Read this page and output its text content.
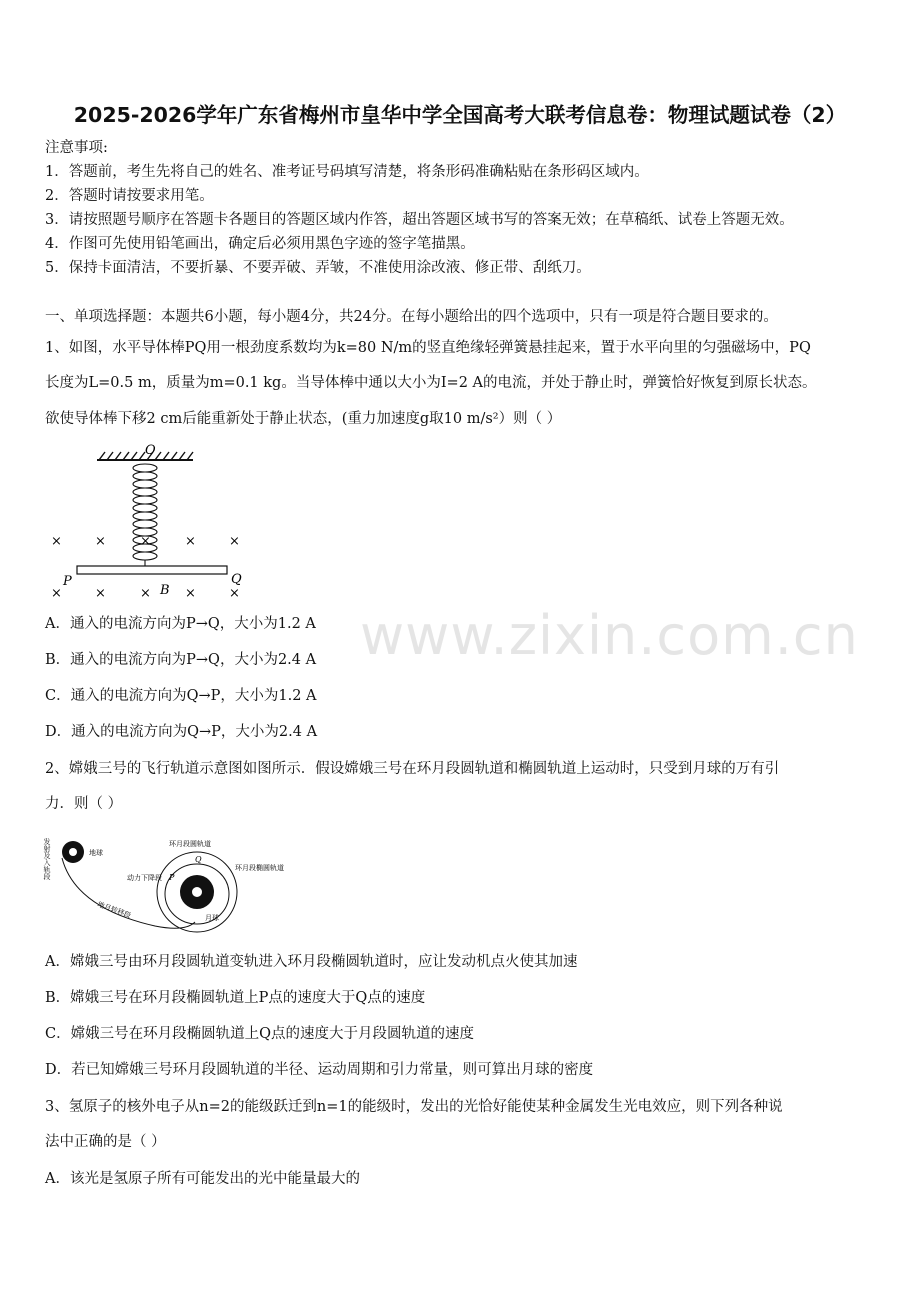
2025-2026学年广东省梅州市皇华中学全国高考大联考信息卷：物理试题试卷（2）
注意事项:
1．答题前，考生先将自己的姓名、准考证号码填写清楚，将条形码准确粘贴在条形码区域内。
2．答题时请按要求用笔。
3．请按照题号顺序在答题卡各题目的答题区域内作答，超出答题区域书写的答案无效；在草稿纸、试卷上答题无效。
4．作图可先使用铅笔画出，确定后必须用黑色字迹的签字笔描黑。
5．保持卡面清洁，不要折暴、不要弄破、弄皱，不准使用涂改液、修正带、刮纸刀。
一、单项选择题：本题共6小题，每小题4分，共24分。在每小题给出的四个选项中，只有一项是符合题目要求的。
1、如图，水平导体棒PQ用一根劲度系数均为k=80 N/m的竖直绝缘轻弹簧悬挂起来，置于水平向里的匀强磁场中，PQ
长度为L=0.5 m，质量为m=0.1 kg。当导体棒中通以大小为I=2 A的电流，并处于静止时，弹簧恰好恢复到原长状态。
欲使导体棒下移2 cm后能重新处于静止状态，(重力加速度g取10 m/s²）则（ ）
O
×	×	×	×	×
×	×	×	×	×
P	Q
B
A．通入的电流方向为P→Q，大小为1.2 A
B．通入的电流方向为P→Q，大小为2.4 A
C．通入的电流方向为Q→P，大小为1.2 A
D．通入的电流方向为Q→P，大小为2.4 A
2、嫦娥三号的飞行轨道示意图如图所示．假设嫦娥三号在环月段圆轨道和椭圆轨道上运动时，只受到月球的万有引
力．则（ ）
发射及入轨段	地球
地月转移段
环月段圆轨道
环月段椭圆轨道
动力下降段
月球
Q
P
A．嫦娥三号由环月段圆轨道变轨进入环月段椭圆轨道时，应让发动机点火使其加速
B．嫦娥三号在环月段椭圆轨道上P点的速度大于Q点的速度
C．嫦娥三号在环月段椭圆轨道上Q点的速度大于月段圆轨道的速度
D．若已知嫦娥三号环月段圆轨道的半径、运动周期和引力常量，则可算出月球的密度
3、氢原子的核外电子从n=2的能级跃迁到n=1的能级时，发出的光恰好能使某种金属发生光电效应，则下列各种说
法中正确的是（ ）
A．该光是氢原子所有可能发出的光中能量最大的
www.zixin.com.cn
